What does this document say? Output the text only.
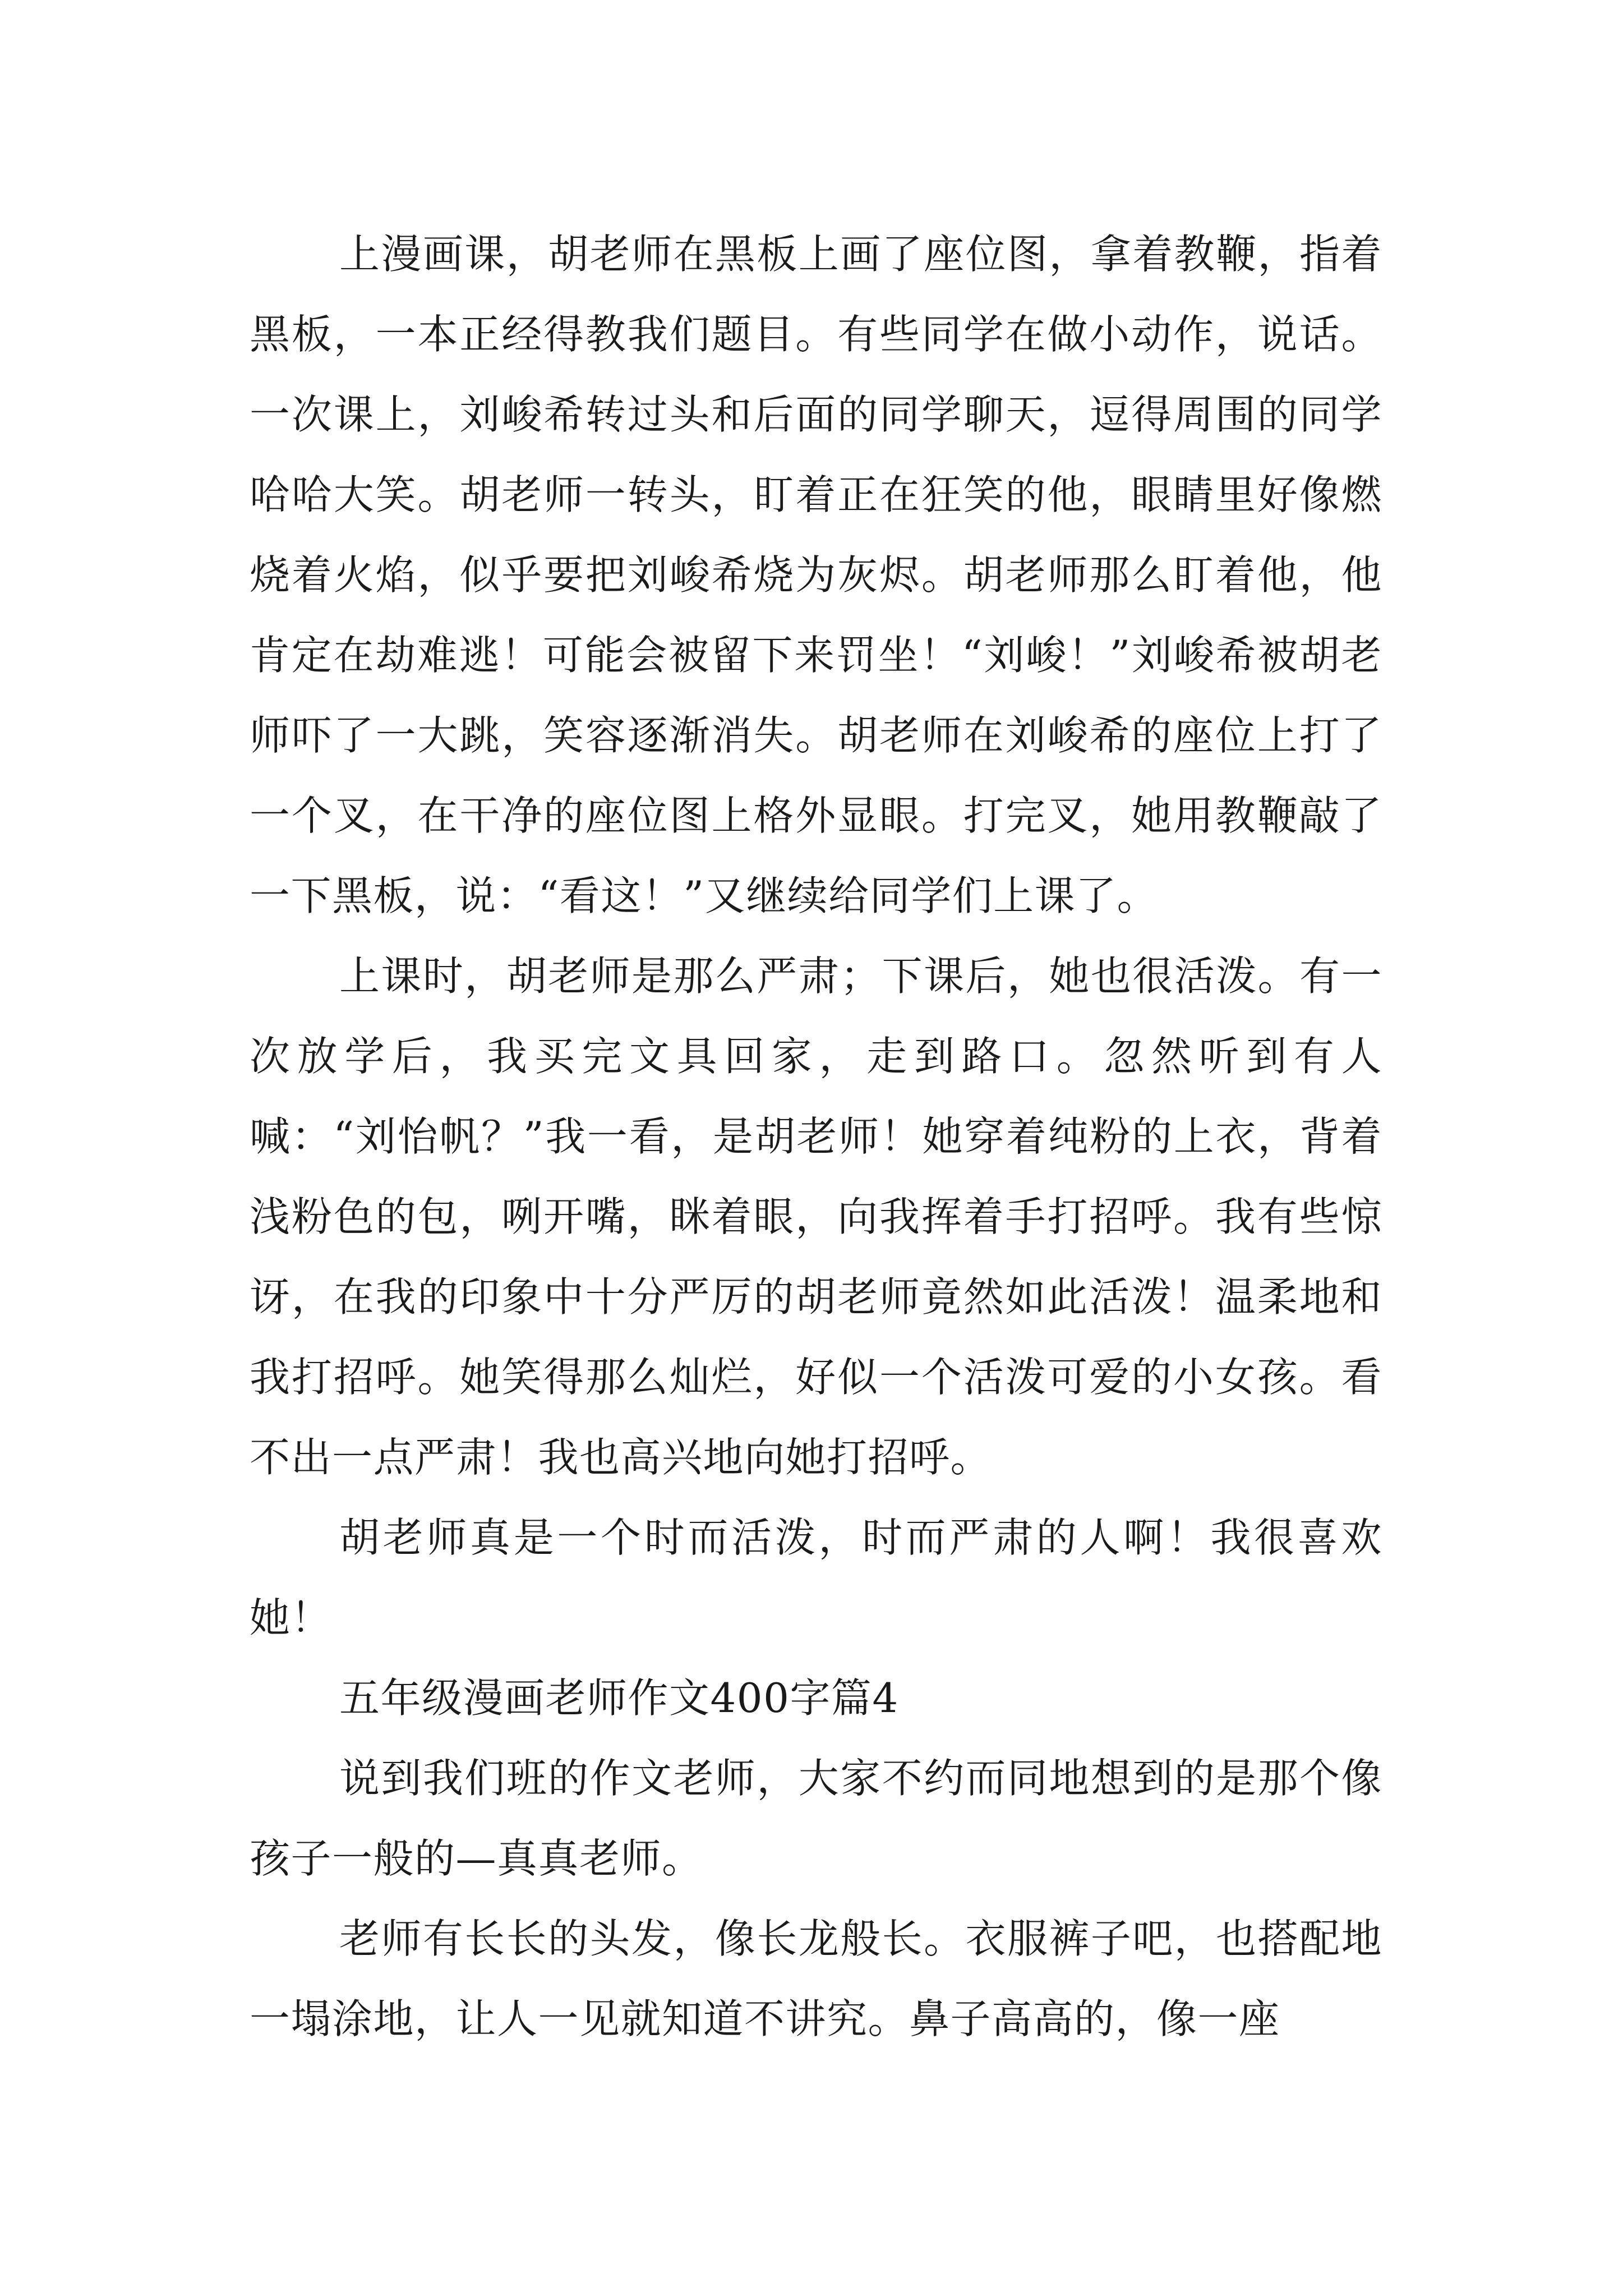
上漫画课，胡老师在黑板上画了座位图，拿着教鞭，指着黑板，一本正经得教我们题目。有些同学在做小动作，说话。一次课上，刘峻希转过头和后面的同学聊天，逗得周围的同学哈哈大笑。胡老师一转头，盯着正在狂笑的他，眼睛里好像燃烧着火焰，似乎要把刘峻希烧为灰烬。胡老师那么盯着他，他肯定在劫难逃！可能会被留下来罚坐！“刘峻！”刘峻希被胡老师吓了一大跳，笑容逐渐消失。胡老师在刘峻希的座位上打了一个叉，在干净的座位图上格外显眼。打完叉，她用教鞭敲了一下黑板，说：“看这！”又继续给同学们上课了。

上课时，胡老师是那么严肃；下课后，她也很活泼。有一次放学后，我买完文具回家，走到路口。忽然听到有人喊：“刘怡帆？”我一看，是胡老师！她穿着纯粉的上衣，背着浅粉色的包，咧开嘴，眯着眼，向我挥着手打招呼。我有些惊讶，在我的印象中十分严厉的胡老师竟然如此活泼！温柔地和我打招呼。她笑得那么灿烂，好似一个活泼可爱的小女孩。看不出一点严肃！我也高兴地向她打招呼。

胡老师真是一个时而活泼，时而严肃的人啊！我很喜欢她！

五年级漫画老师作文400字篇4

说到我们班的作文老师，大家不约而同地想到的是那个像孩子一般的—真真老师。

老师有长长的头发，像长龙般长。衣服裤子吧，也搭配地一塌涂地，让人一见就知道不讲究。鼻子高高的，像一座
